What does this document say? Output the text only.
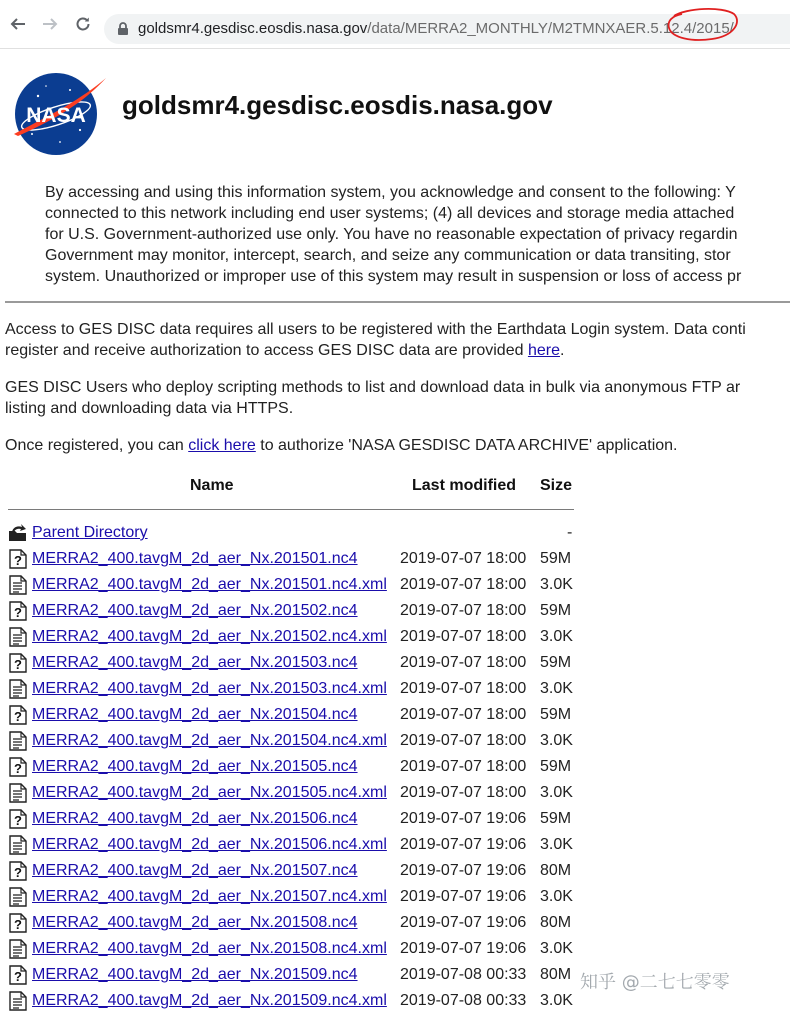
goldsmr4.gesdisc.eosdis.nasa.gov/data/MERRA2_MONTHLY/M2TMNXAER.5.12.4/2015/
NASA goldsmr4.gesdisc.eosdis.nasa.gov
By accessing and using this information system, you acknowledge and consent to the following: Y
connected to this network including end user systems; (4) all devices and storage media attached
for U.S. Government-authorized use only. You have no reasonable expectation of privacy regardin
Government may monitor, intercept, search, and seize any communication or data transiting, stor
system. Unauthorized or improper use of this system may result in suspension or loss of access pr
Access to GES DISC data requires all users to be registered with the Earthdata Login system. Data conti
register and receive authorization to access GES DISC data are provided here.
GES DISC Users who deploy scripting methods to list and download data in bulk via anonymous FTP ar
listing and downloading data via HTTPS.
Once registered, you can click here to authorize 'NASA GESDISC DATA ARCHIVE' application.
Name	Last modified Size
Parent Directory	-
? MERRA2_400.tavgM_2d_aer_Nx.201501.nc4	2019-07-07 18:00 59M
MERRA2_400.tavgM_2d_aer_Nx.201501.nc4.xml 2019-07-07 18:00 3.0K
? MERRA2_400.tavgM_2d_aer_Nx.201502.nc4	2019-07-07 18:00 59M
MERRA2_400.tavgM_2d_aer_Nx.201502.nc4.xml 2019-07-07 18:00 3.0K
? MERRA2_400.tavgM_2d_aer_Nx.201503.nc4	2019-07-07 18:00 59M
MERRA2_400.tavgM_2d_aer_Nx.201503.nc4.xml 2019-07-07 18:00 3.0K
? MERRA2_400.tavgM_2d_aer_Nx.201504.nc4	2019-07-07 18:00 59M
MERRA2_400.tavgM_2d_aer_Nx.201504.nc4.xml 2019-07-07 18:00 3.0K
? MERRA2_400.tavgM_2d_aer_Nx.201505.nc4	2019-07-07 18:00 59M
MERRA2_400.tavgM_2d_aer_Nx.201505.nc4.xml 2019-07-07 18:00 3.0K
? MERRA2_400.tavgM_2d_aer_Nx.201506.nc4	2019-07-07 19:06 59M
MERRA2_400.tavgM_2d_aer_Nx.201506.nc4.xml 2019-07-07 19:06 3.0K
? MERRA2_400.tavgM_2d_aer_Nx.201507.nc4	2019-07-07 19:06 80M
MERRA2_400.tavgM_2d_aer_Nx.201507.nc4.xml 2019-07-07 19:06 3.0K
? MERRA2_400.tavgM_2d_aer_Nx.201508.nc4	2019-07-07 19:06 80M
MERRA2_400.tavgM_2d_aer_Nx.201508.nc4.xml 2019-07-07 19:06 3.0K
? MERRA2_400.tavgM_2d_aer_Nx.201509.nc4	2019-07-08 00:33 80M
MERRA2_400.tavgM_2d_aer_Nx.201509.nc4.xml 2019-07-08 00:33 3.0K
知乎 @二七七零零
